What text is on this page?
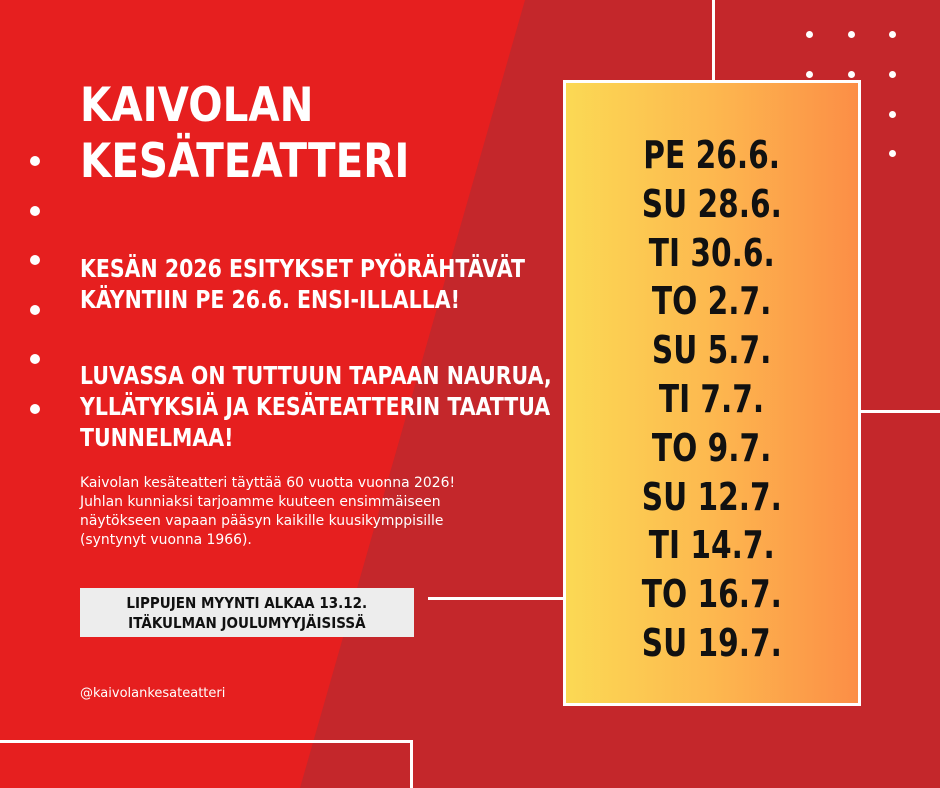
KAIVOLAN
KESÄTEATTERI

KESÄN 2026 ESITYKSET PYÖRÄHTÄVÄT
KÄYNTIIN PE 26.6. ENSI-ILLALLA!

LUVASSA ON TUTTUUN TAPAAN NAURUA,
YLLÄTYKSIÄ JA KESÄTEATTERIN TAATTUA
TUNNELMAA!

Kaivolan kesäteatteri täyttää 60 vuotta vuonna 2026!
Juhlan kunniaksi tarjoamme kuuteen ensimmäiseen
näytökseen vapaan pääsyn kaikille kuusikymppisille
(syntynyt vuonna 1966).

LIPPUJEN MYYNTI ALKAA 13.12.
ITÄKULMAN JOULUMYYJÄISISSÄ
@kaivolankesateatteri
PE 26.6.
SU 28.6.
TI 30.6.
TO 2.7.
SU 5.7.
TI 7.7.
TO 9.7.
SU 12.7.
TI 14.7.
TO 16.7.
SU 19.7.
